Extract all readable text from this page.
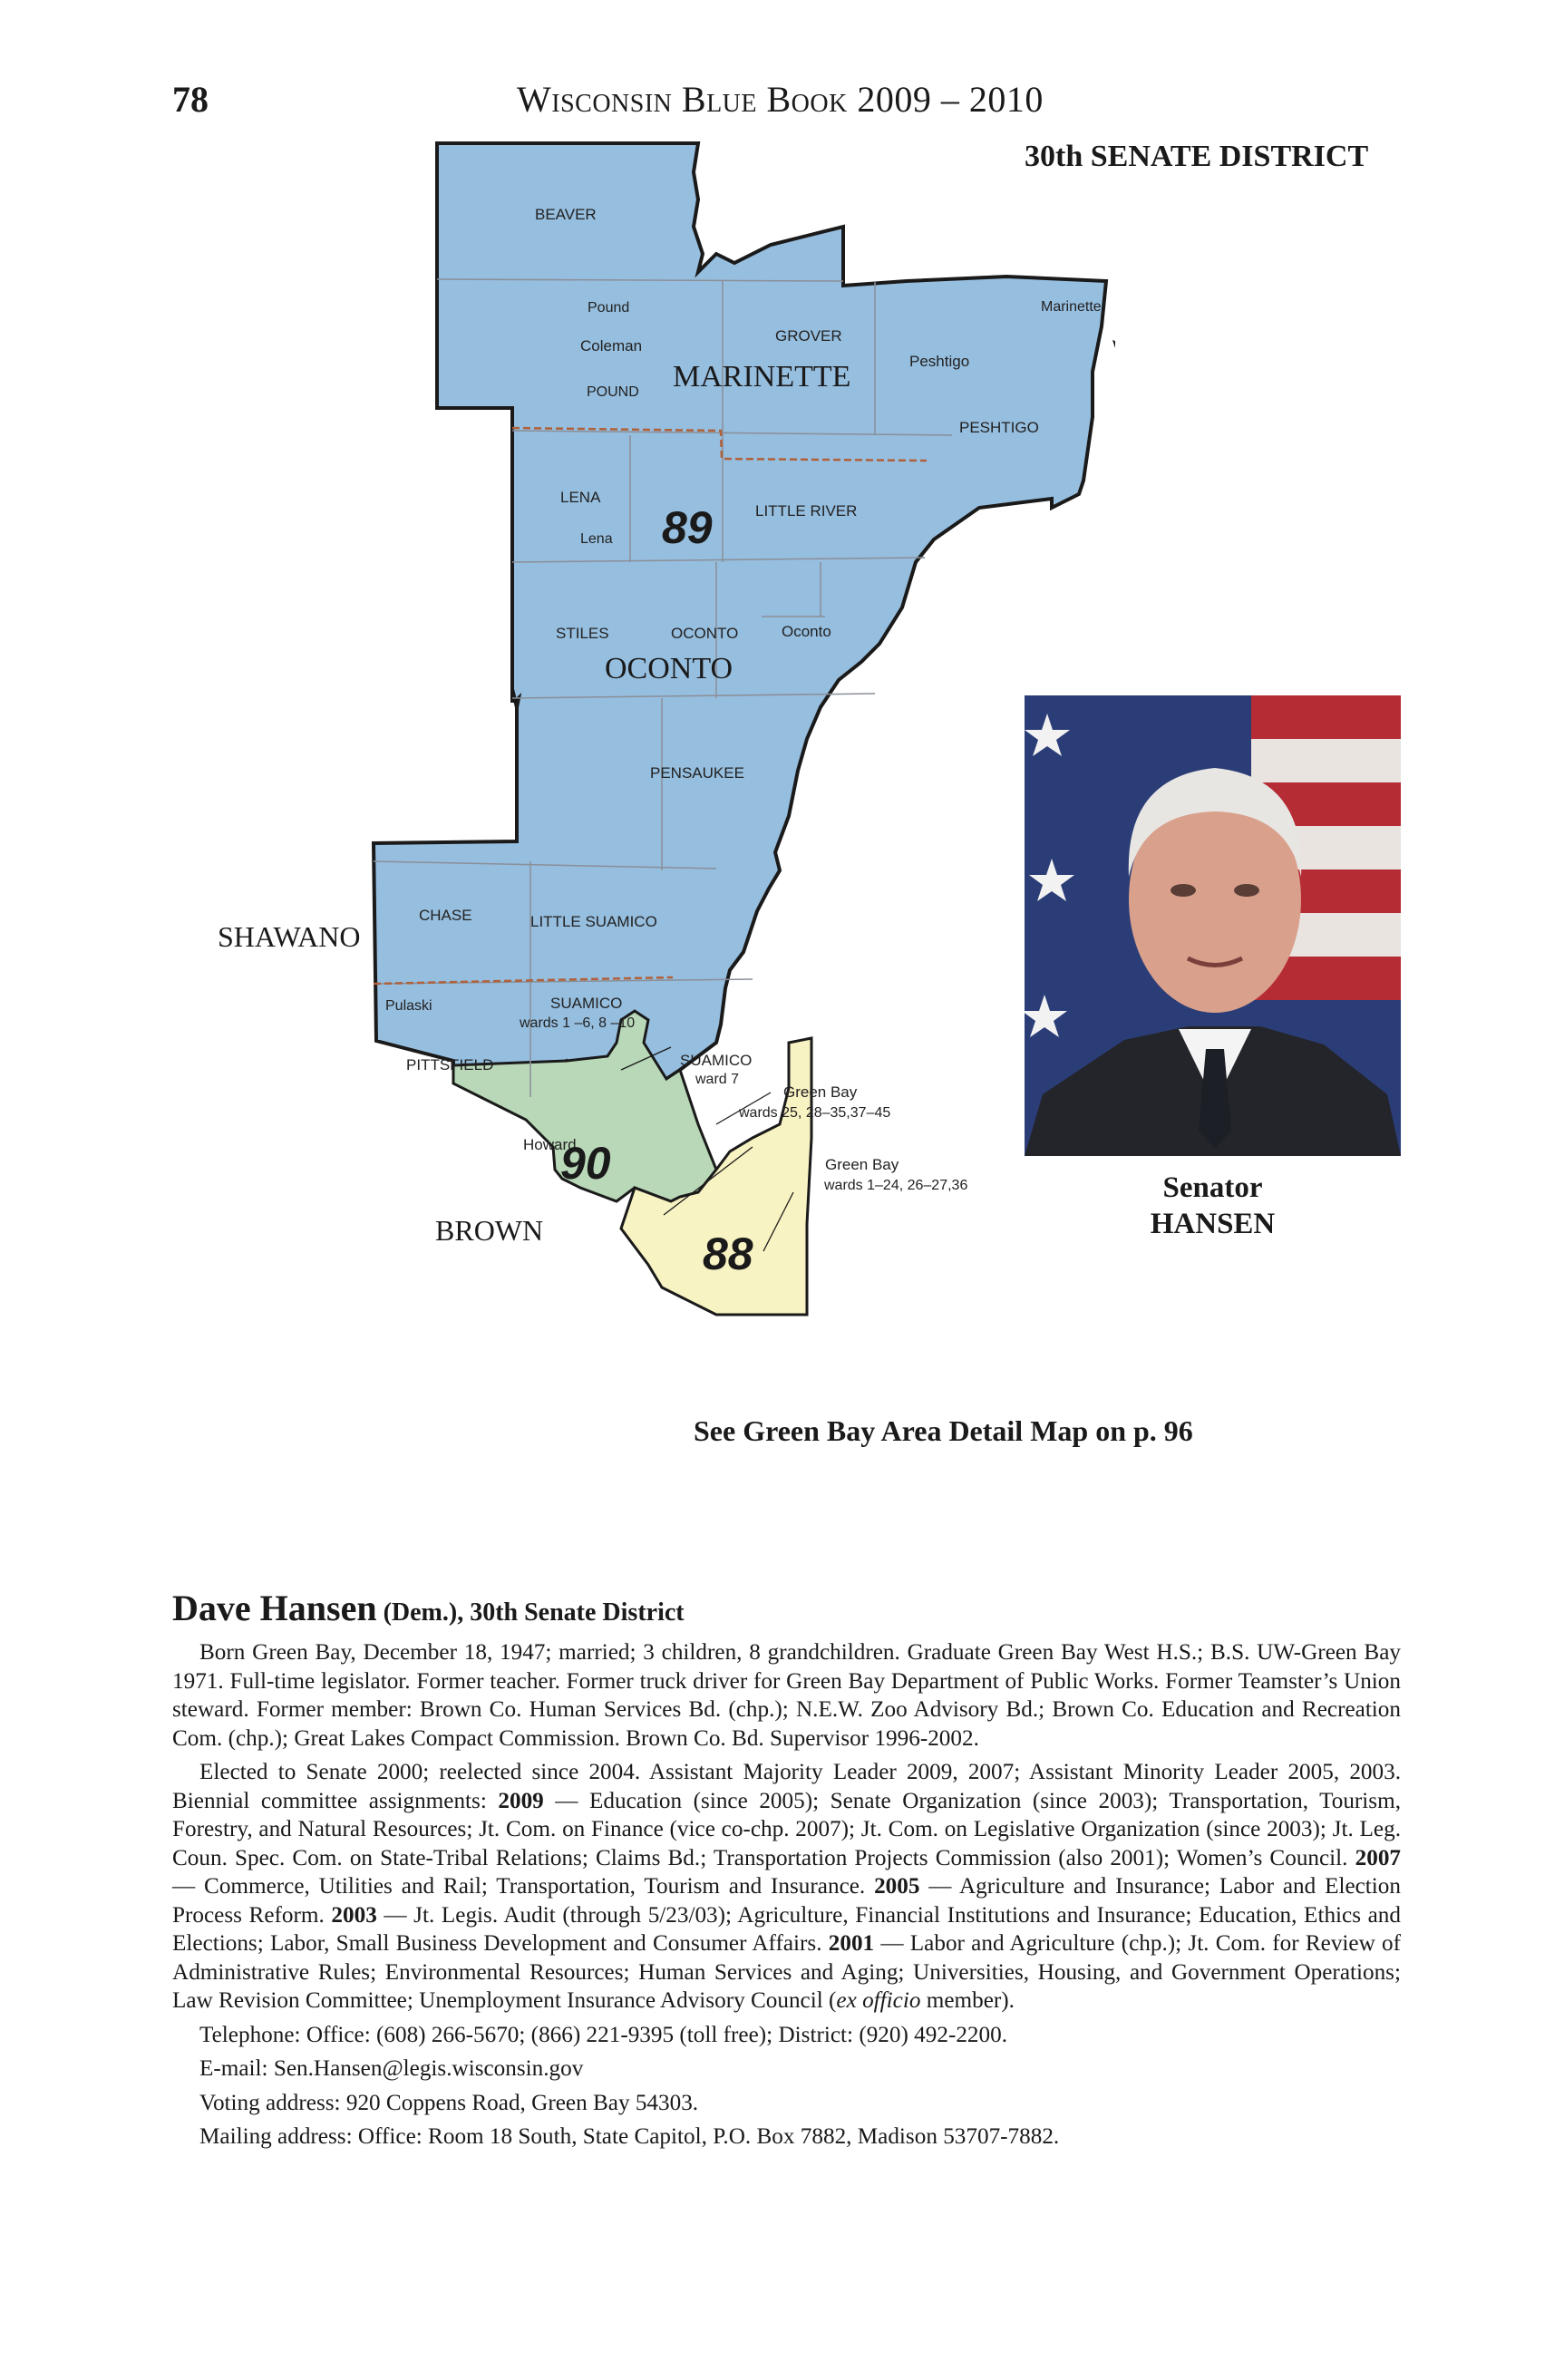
78	Wisconsin Blue Book 2009 – 2010
30th SENATE DISTRICT
BEAVER
Pound
Coleman
POUND
GROVER
Peshtigo
Marinette
PESHTIGO
LENA
Lena
LITTLE RIVER
STILES	OCONTO	Oconto
PENSAUKEE
CHASE	LITTLE SUAMICO
Pulaski
PITTSFIELD
Howard
SUAMICO
wards 1 –6, 8 –10
SUAMICO
ward 7
Green Bay
wards 25, 28–35,37–45
Green Bay
wards 1–24, 26–27,36
MARINETTE
OCONTO
SHAWANO
BROWN
89
90
88
Senator
HANSEN
See Green Bay Area Detail Map on p. 96
Dave Hansen (Dem.), 30th Senate District

Born Green Bay, December 18, 1947; married; 3 children, 8 grandchildren. Graduate Green Bay West H.S.; B.S. UW-Green Bay 1971. Full-time legislator. Former teacher. Former truck driver for Green Bay Department of Public Works. Former Teamster’s Union steward. Former member: Brown Co. Human Services Bd. (chp.); N.E.W. Zoo Advisory Bd.; Brown Co. Education and Recreation Com. (chp.); Great Lakes Compact Commission. Brown Co. Bd. Supervisor 1996-2002.

Elected to Senate 2000; reelected since 2004. Assistant Majority Leader 2009, 2007; Assistant Minority Leader 2005, 2003. Biennial committee assignments: 2009 — Education (since 2005); Senate Organization (since 2003); Transportation, Tourism, Forestry, and Natural Resources; Jt. Com. on Finance (vice co-chp. 2007); Jt. Com. on Legislative Organization (since 2003); Jt. Leg. Coun. Spec. Com. on State-Tribal Relations; Claims Bd.; Transportation Projects Commission (also 2001); Women’s Council. 2007 — Commerce, Utilities and Rail; Transportation, Tourism and Insurance. 2005 — Agriculture and Insurance; Labor and Election Process Reform. 2003 — Jt. Legis. Audit (through 5/23/03); Agriculture, Financial Institutions and Insurance; Education, Ethics and Elections; Labor, Small Business Development and Consumer Affairs. 2001 — Labor and Agriculture (chp.); Jt. Com. for Review of Administrative Rules; Environmental Resources; Human Services and Aging; Universities, Housing, and Government Operations; Law Revision Committee; Unemployment Insurance Advisory Council (ex officio member).

Telephone: Office: (608) 266-5670; (866) 221-9395 (toll free); District: (920) 492-2200.
E-mail: Sen.Hansen@legis.wisconsin.gov
Voting address: 920 Coppens Road, Green Bay 54303.
Mailing address: Office: Room 18 South, State Capitol, P.O. Box 7882, Madison 53707-7882.
